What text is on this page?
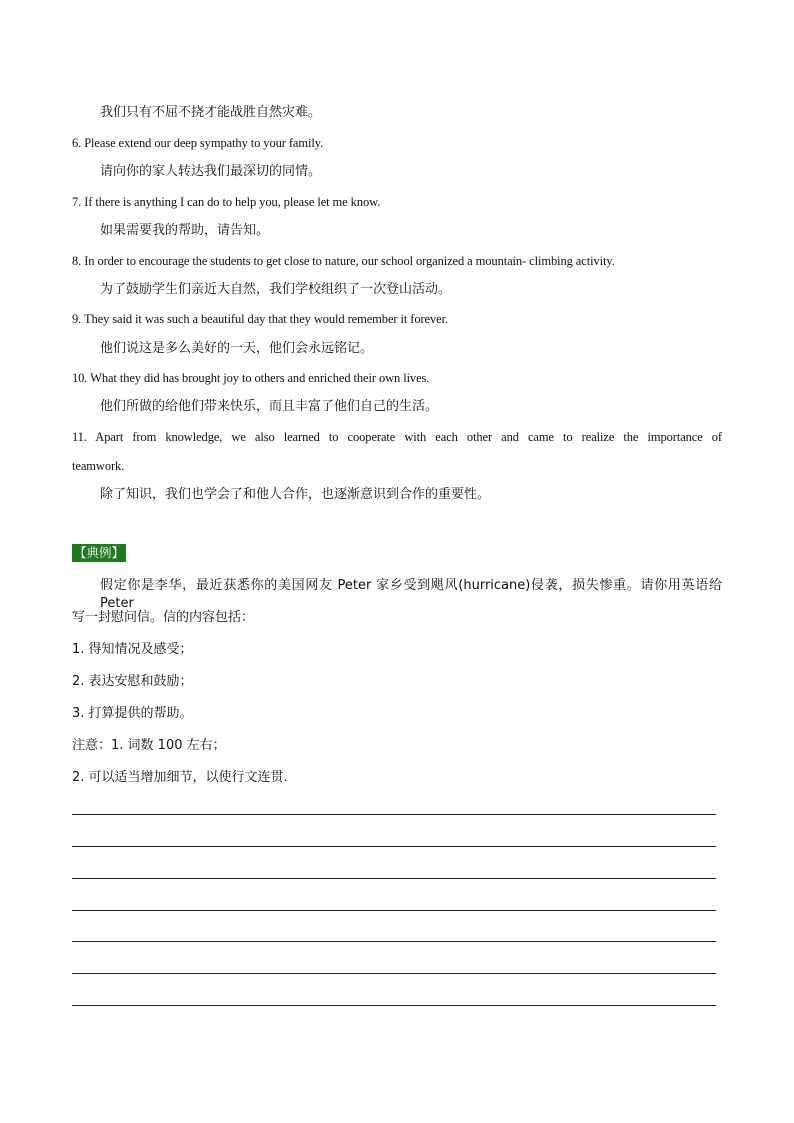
我们只有不屈不挠才能战胜自然灾难。
6. Please extend our deep sympathy to your family.
请向你的家人转达我们最深切的同情。
7. If there is anything I can do to help you, please let me know.
如果需要我的帮助，请告知。
8. In order to encourage the students to get close to nature, our school organized a mountain- climbing activity.
为了鼓励学生们亲近大自然，我们学校组织了一次登山活动。
9. They said it was such a beautiful day that they would remember it forever.
他们说这是多么美好的一天，他们会永远铭记。
10. What they did has brought joy to others and enriched their own lives.
他们所做的给他们带来快乐，而且丰富了他们自己的生活。
11. Apart from knowledge, we also learned to cooperate with each other and came to realize the importance of
teamwork.
除了知识，我们也学会了和他人合作，也逐渐意识到合作的重要性。
【典例】
假定你是李华，最近获悉你的美国网友 Peter 家乡受到飓风(hurricane)侵袭，损失惨重。请你用英语给 Peter
写一封慰问信。信的内容包括：
1. 得知情况及感受；
2. 表达安慰和鼓励；
3. 打算提供的帮助。
注意：1. 词数 100 左右；
2. 可以适当增加细节，以使行文连贯.
